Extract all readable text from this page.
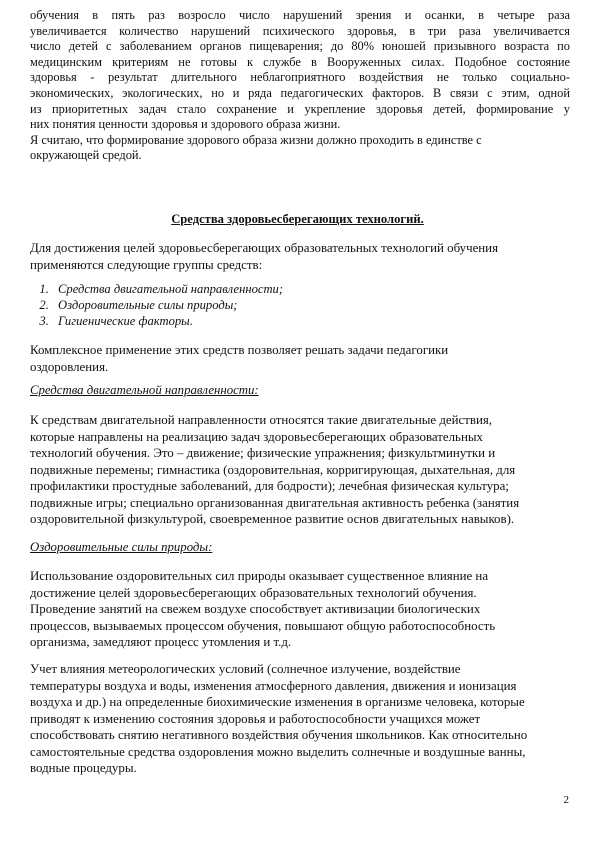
обучения в пять раз возросло число нарушений зрения и осанки, в четыре раза
увеличивается количество нарушений психического здоровья, в три раза увеличивается
число детей с заболеванием органов пищеварения; до 80% юношей призывного возраста по
медицинским критериям не готовы к службе в Вооруженных силах. Подобное состояние
здоровья - результат длительного неблагоприятного воздействия не только социально-
экономических, экологических, но и ряда педагогических факторов. В связи с этим, одной
из приоритетных задач стало сохранение и укрепление здоровья детей, формирование у
них понятия ценности здоровья и здорового образа жизни.
Я считаю, что формирование здорового образа жизни должно проходить в единстве с
окружающей средой.
Средства здоровьесберегающих технологий.
Для достижения целей здоровьесберегающих образовательных технологий обучения
применяются следующие группы средств:
1. Средства двигательной направленности;
2. Оздоровительные силы природы;
3. Гигиенические факторы.
Комплексное применение этих средств позволяет решать задачи педагогики
оздоровления.
Средства двигательной направленности:
К средствам двигательной направленности относятся такие двигательные действия,
которые направлены на реализацию задач здоровьесберегающих образовательных
технологий обучения. Это – движение; физические упражнения; физкультминутки и
подвижные перемены; гимнастика (оздоровительная, корригирующая, дыхательная, для
профилактики простудные заболеваний, для бодрости); лечебная физическая культура;
подвижные игры; специально организованная двигательная активность ребенка (занятия
оздоровительной физкультурой, своевременное развитие основ двигательных навыков).
Оздоровительные силы природы:
Использование оздоровительных сил природы оказывает существенное влияние на
достижение целей здоровьесберегающих образовательных технологий обучения.
Проведение занятий на свежем воздухе способствует активизации биологических
процессов, вызываемых процессом обучения, повышают общую работоспособность
организма, замедляют процесс утомления и т.д.
Учет влияния метеорологических условий (солнечное излучение, воздействие
температуры воздуха и воды, изменения атмосферного давления, движения и ионизация
воздуха и др.) на определенные биохимические изменения в организме человека, которые
приводят к изменению состояния здоровья и работоспособности учащихся может
способствовать снятию негативного воздействия обучения школьников. Как относительно
самостоятельные средства оздоровления можно выделить солнечные и воздушные ванны,
водные процедуры.
2
